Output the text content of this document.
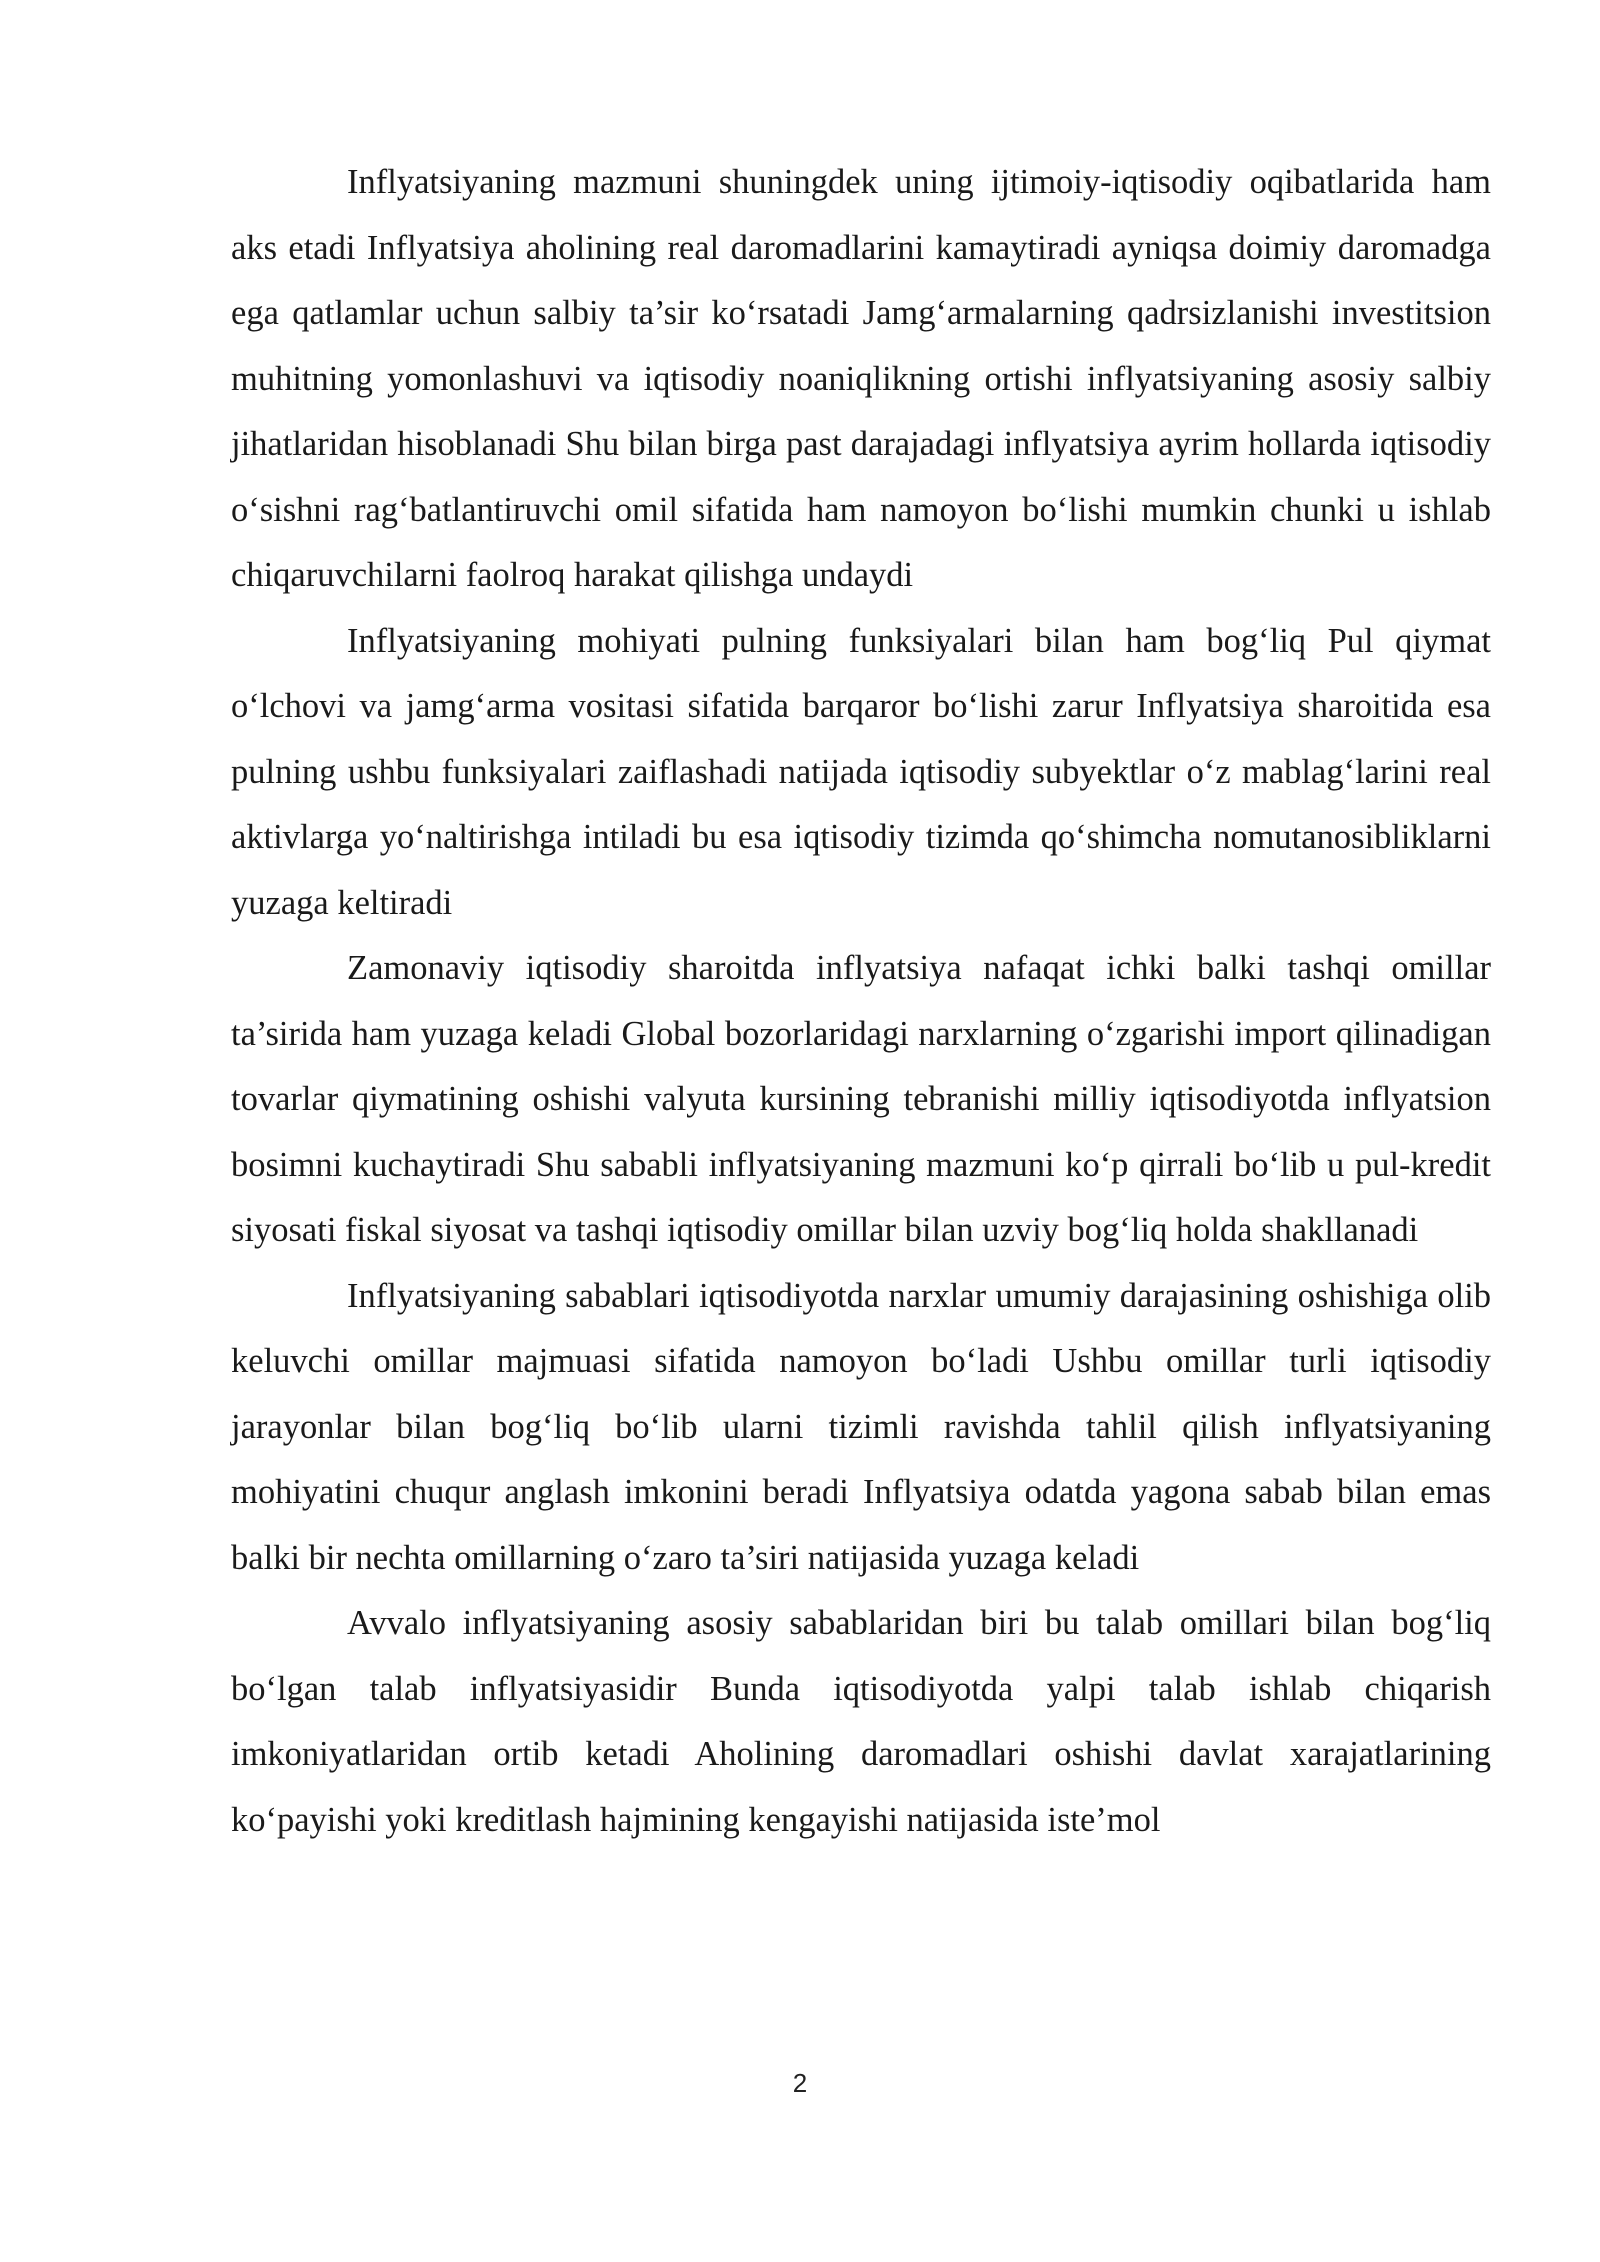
Inflyatsiyaning mazmuni shuningdek uning ijtimoiy-iqtisodiy oqibatlarida ham aks etadi Inflyatsiya aholining real daromadlarini kamaytiradi ayniqsa doimiy daromadga ega qatlamlar uchun salbiy ta’sir ko‘rsatadi Jamg‘armalarning qadrsizlanishi investitsion muhitning yomonlashuvi va iqtisodiy noaniqlikning ortishi inflyatsiyaning asosiy salbiy jihatlaridan hisoblanadi Shu bilan birga past darajadagi inflyatsiya ayrim hollarda iqtisodiy o‘sishni rag‘batlantiruvchi omil sifatida ham namoyon bo‘lishi mumkin chunki u ishlab chiqaruvchilarni faolroq harakat qilishga undaydi

Inflyatsiyaning mohiyati pulning funksiyalari bilan ham bog‘liq Pul qiymat o‘lchovi va jamg‘arma vositasi sifatida barqaror bo‘lishi zarur Inflyatsiya sharoitida esa pulning ushbu funksiyalari zaiflashadi natijada iqtisodiy subyektlar o‘z mablag‘larini real aktivlarga yo‘naltirishga intiladi bu esa iqtisodiy tizimda qo‘shimcha nomutanosibliklarni yuzaga keltiradi

Zamonaviy iqtisodiy sharoitda inflyatsiya nafaqat ichki balki tashqi omillar ta’sirida ham yuzaga keladi Global bozorlaridagi narxlarning o‘zgarishi import qilinadigan tovarlar qiymatining oshishi valyuta kursining tebranishi milliy iqtisodiyotda inflyatsion bosimni kuchaytiradi Shu sababli inflyatsiyaning mazmuni ko‘p qirrali bo‘lib u pul-kredit siyosati fiskal siyosat va tashqi iqtisodiy omillar bilan uzviy bog‘liq holda shakllanadi

Inflyatsiyaning sabablari iqtisodiyotda narxlar umumiy darajasining oshishiga olib keluvchi omillar majmuasi sifatida namoyon bo‘ladi Ushbu omillar turli iqtisodiy jarayonlar bilan bog‘liq bo‘lib ularni tizimli ravishda tahlil qilish inflyatsiyaning mohiyatini chuqur anglash imkonini beradi Inflyatsiya odatda yagona sabab bilan emas balki bir nechta omillarning o‘zaro ta’siri natijasida yuzaga keladi

Avvalo inflyatsiyaning asosiy sabablaridan biri bu talab omillari bilan bog‘liq bo‘lgan talab inflyatsiyasidir Bunda iqtisodiyotda yalpi talab ishlab chiqarish imkoniyatlaridan ortib ketadi Aholining daromadlari oshishi davlat xarajatlarining ko‘payishi yoki kreditlash hajmining kengayishi natijasida iste’mol

2
